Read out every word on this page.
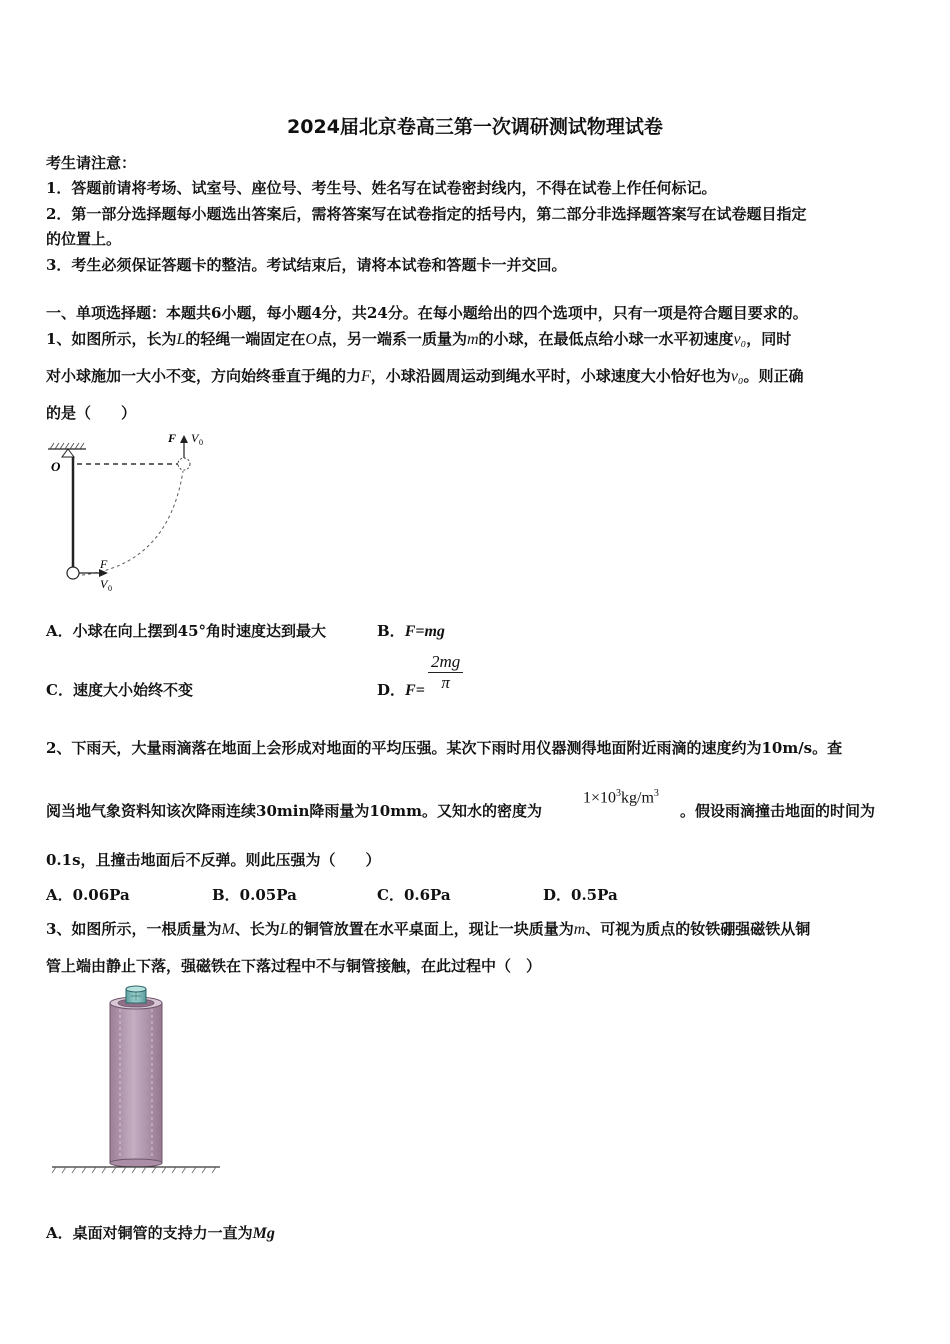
2024届北京卷高三第一次调研测试物理试卷
考生请注意：
1．答题前请将考场、试室号、座位号、考生号、姓名写在试卷密封线内，不得在试卷上作任何标记。
2．第一部分选择题每小题选出答案后，需将答案写在试卷指定的括号内，第二部分非选择题答案写在试卷题目指定
的位置上。
3．考生必须保证答题卡的整洁。考试结束后，请将本试卷和答题卡一并交回。
一、单项选择题：本题共6小题，每小题4分，共24分。在每小题给出的四个选项中，只有一项是符合题目要求的。
1、如图所示，长为L的轻绳一端固定在O点，另一端系一质量为m的小球，在最低点给小球一水平初速度v₀，同时
对小球施加一大小不变，方向始终垂直于绳的力F，小球沿圆周运动到绳水平时，小球速度大小恰好也为v₀。则正确
的是（　　）
O
F V 0
F
V 0
A．小球在向上摆到45°角时速度达到最大	B．F=mg
C．速度大小始终不变	D．$F= \frac{2mg}{\pi}$
2、下雨天，大量雨滴落在地面上会形成对地面的平均压强。某次下雨时用仪器测得地面附近雨滴的速度约为10m/s。查
阅当地气象资料知该次降雨连续30min降雨量为10mm。又知水的密度为
$1\times 10^3kg/m^3$
。假设雨滴撞击地面的时间为
0.1s，且撞击地面后不反弹。则此压强为（　　）
A．0.06Pa	B．0.05Pa	C．0.6Pa	D．0.5Pa
3、如图所示，一根质量为M、长为L的铜管放置在水平桌面上，现让一块质量为m、可视为质点的钕铁硼强磁铁从铜
管上端由静止下落，强磁铁在下落过程中不与铜管接触，在此过程中（　）
A．桌面对铜管的支持力一直为Mg
